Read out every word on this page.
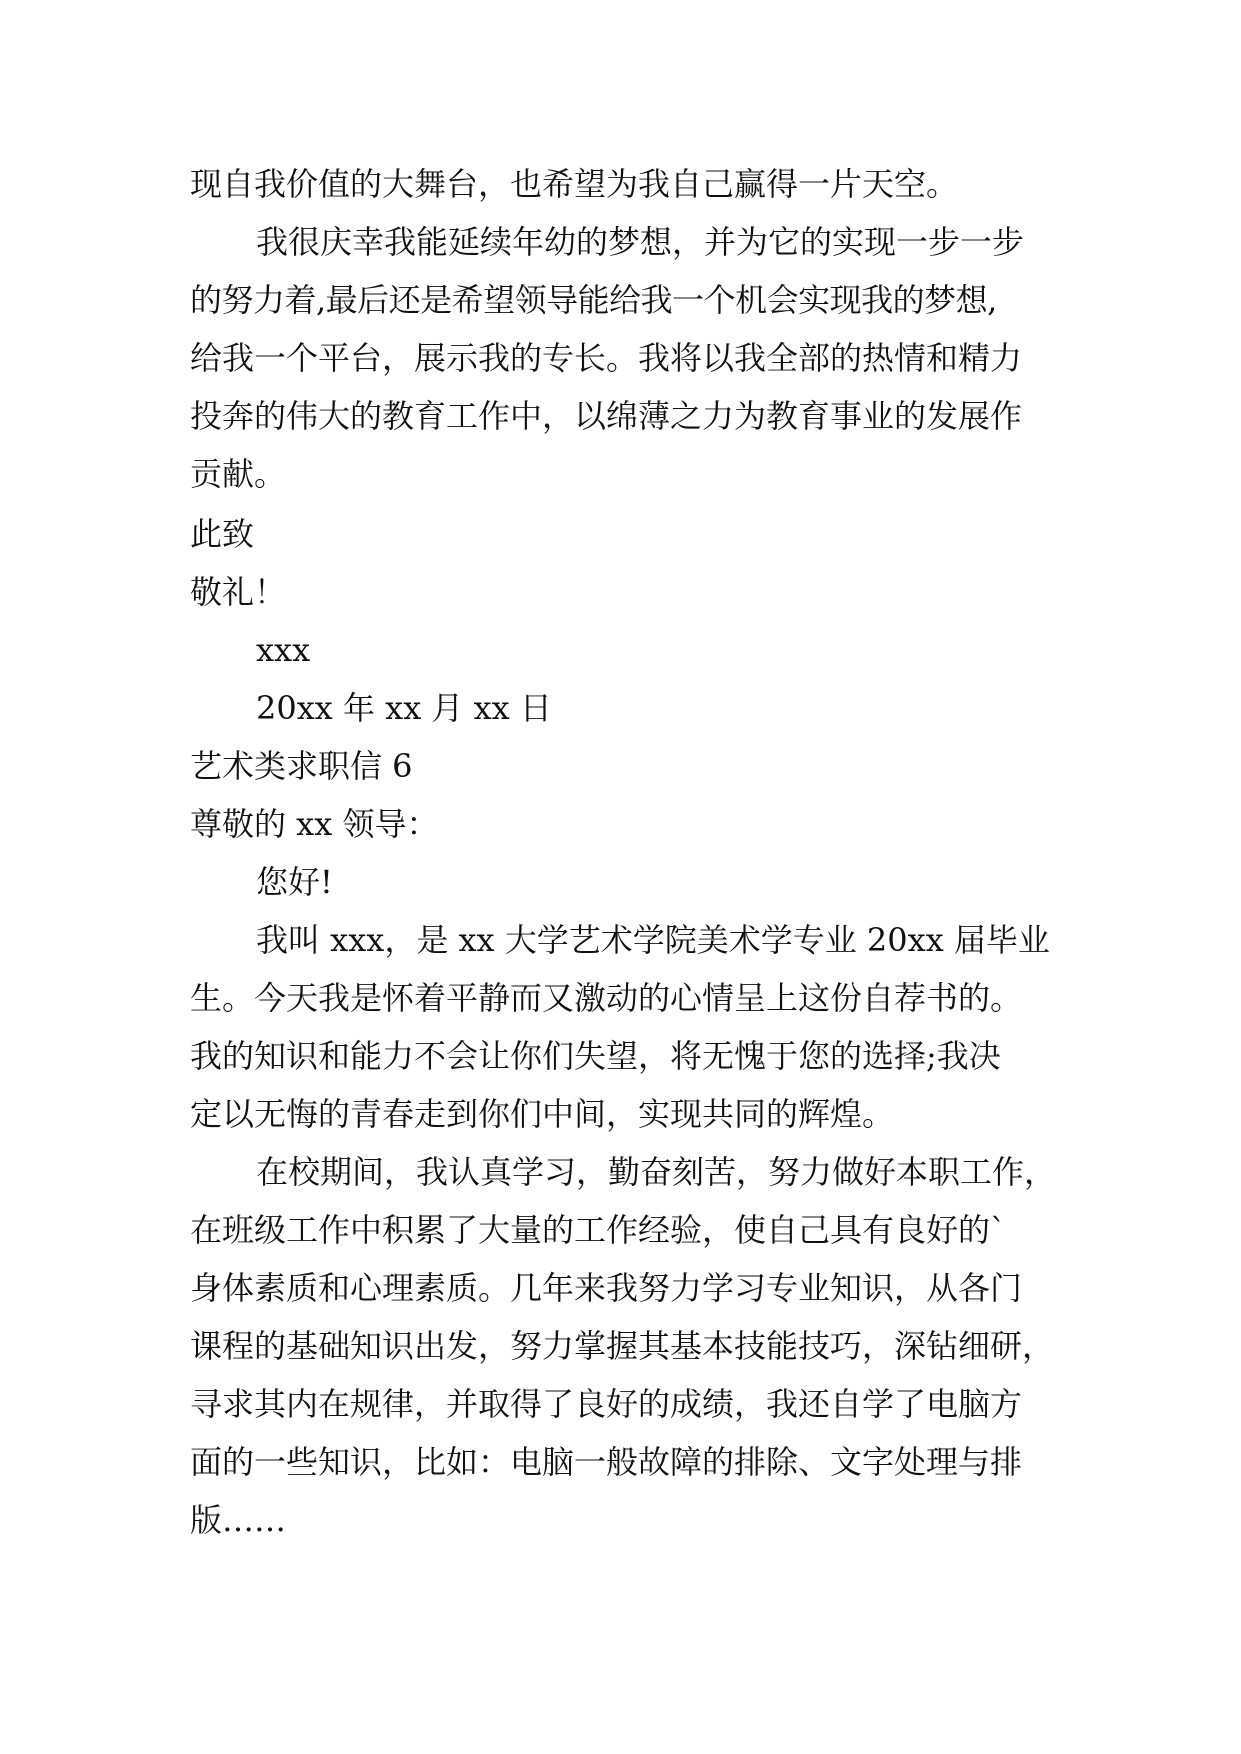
现自我价值的大舞台，也希望为我自己赢得一片天空。
我很庆幸我能延续年幼的梦想，并为它的实现一步一步
的努力着,最后还是希望领导能给我一个机会实现我的梦想,
给我一个平台，展示我的专长。我将以我全部的热情和精力
投奔的伟大的教育工作中，以绵薄之力为教育事业的发展作
贡献。
此致
敬礼！
xxx
20xx 年 xx 月 xx 日
艺术类求职信 6
尊敬的 xx 领导：
您好!
我叫 xxx，是 xx 大学艺术学院美术学专业 20xx 届毕业
生。今天我是怀着平静而又激动的心情呈上这份自荐书的。
我的知识和能力不会让你们失望，将无愧于您的选择;我决
定以无悔的青春走到你们中间，实现共同的辉煌。
在校期间，我认真学习，勤奋刻苦，努力做好本职工作，
在班级工作中积累了大量的工作经验，使自己具有良好的`
身体素质和心理素质。几年来我努力学习专业知识，从各门
课程的基础知识出发，努力掌握其基本技能技巧，深钻细研，
寻求其内在规律，并取得了良好的成绩，我还自学了电脑方
面的一些知识，比如：电脑一般故障的排除、文字处理与排
版……
